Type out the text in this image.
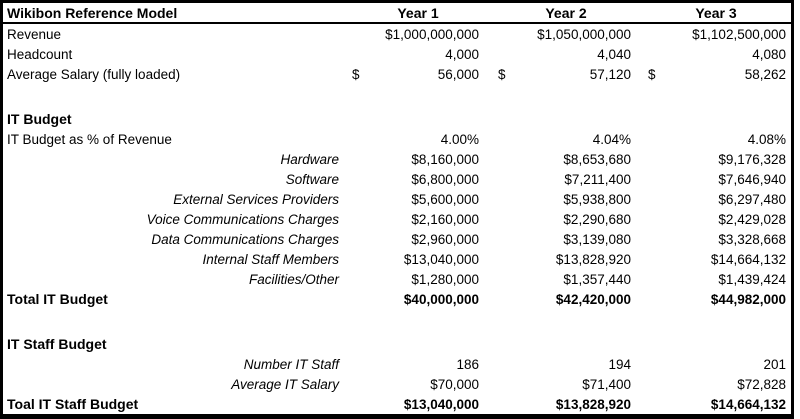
Wikibon Reference Model	Year 1	Year 2	Year 3
Revenue	$1,000,000,000	$1,050,000,000	$1,102,500,000
Headcount	4,000	4,040	4,080
Average Salary (fully loaded)	$ 56,000	$ 57,120	$ 58,262

IT Budget			
IT Budget as % of Revenue	4.00%	4.04%	4.08%
Hardware	$8,160,000	$8,653,680	$9,176,328
Software	$6,800,000	$7,211,400	$7,646,940
External Services Providers	$5,600,000	$5,938,800	$6,297,480
Voice Communications Charges	$2,160,000	$2,290,680	$2,429,028
Data Communications Charges	$2,960,000	$3,139,080	$3,328,668
Internal Staff Members	$13,040,000	$13,828,920	$14,664,132
Facilities/Other	$1,280,000	$1,357,440	$1,439,424
Total IT Budget	$40,000,000	$42,420,000	$44,982,000

IT Staff Budget			
Number IT Staff	186	194	201
Average IT Salary	$70,000	$71,400	$72,828
Toal IT Staff Budget	$13,040,000	$13,828,920	$14,664,132
